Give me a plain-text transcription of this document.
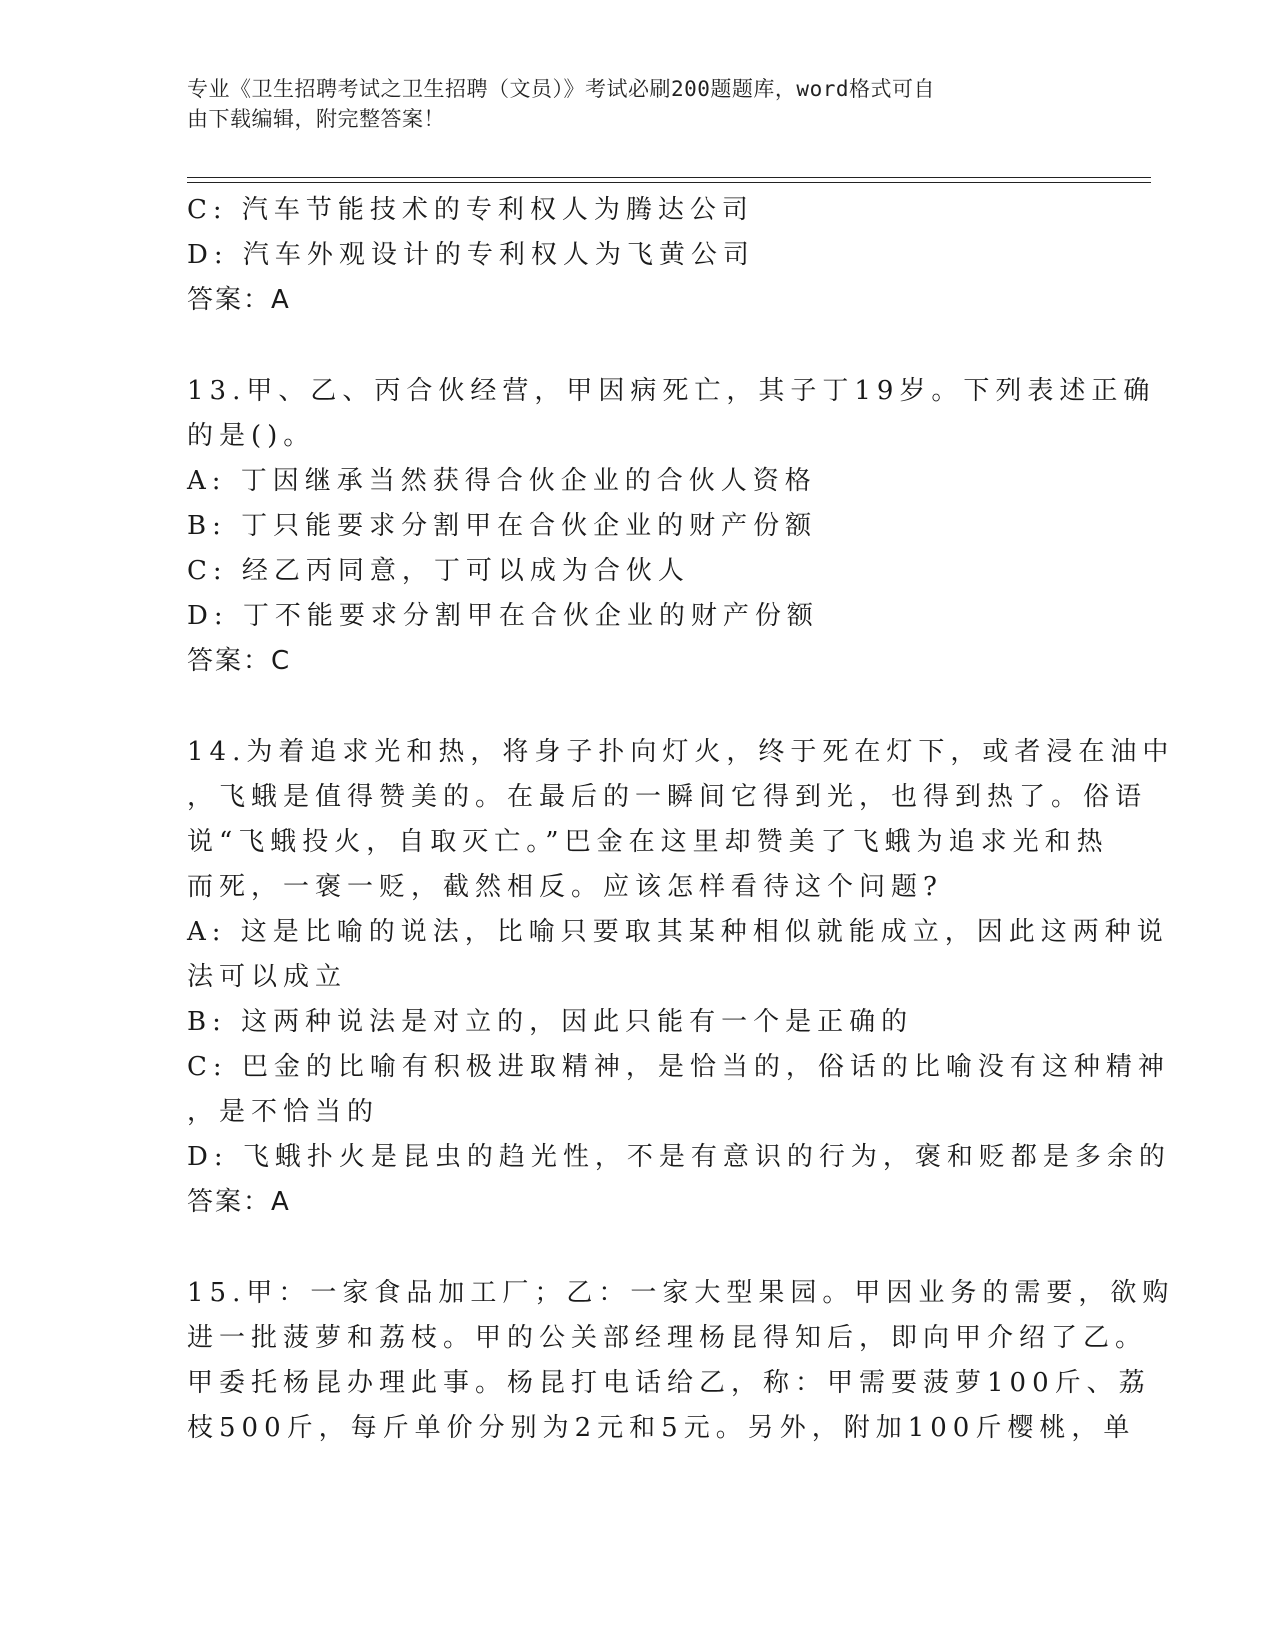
专业《卫生招聘考试之卫生招聘（文员）》考试必刷200题题库，word格式可自
由下载编辑，附完整答案！
C: 汽车节能技术的专利权人为腾达公司
D: 汽车外观设计的专利权人为飞黄公司
答案：A
13.甲、乙、丙合伙经营，甲因病死亡，其子丁19岁。下列表述正确
的是()。
A: 丁因继承当然获得合伙企业的合伙人资格
B: 丁只能要求分割甲在合伙企业的财产份额
C: 经乙丙同意，丁可以成为合伙人
D: 丁不能要求分割甲在合伙企业的财产份额
答案：C
14.为着追求光和热，将身子扑向灯火，终于死在灯下，或者浸在油中
，飞蛾是值得赞美的。在最后的一瞬间它得到光，也得到热了。俗语
说“飞蛾投火，自取灭亡。”巴金在这里却赞美了飞蛾为追求光和热
而死，一褒一贬，截然相反。应该怎样看待这个问题?
A: 这是比喻的说法，比喻只要取其某种相似就能成立，因此这两种说
法可以成立
B: 这两种说法是对立的，因此只能有一个是正确的
C: 巴金的比喻有积极进取精神，是恰当的，俗话的比喻没有这种精神
，是不恰当的
D: 飞蛾扑火是昆虫的趋光性，不是有意识的行为，褒和贬都是多余的
答案：A
15.甲：一家食品加工厂；乙：一家大型果园。甲因业务的需要，欲购
进一批菠萝和荔枝。甲的公关部经理杨昆得知后，即向甲介绍了乙。
甲委托杨昆办理此事。杨昆打电话给乙，称：甲需要菠萝100斤、荔
枝500斤，每斤单价分别为2元和5元。另外，附加100斤樱桃，单
